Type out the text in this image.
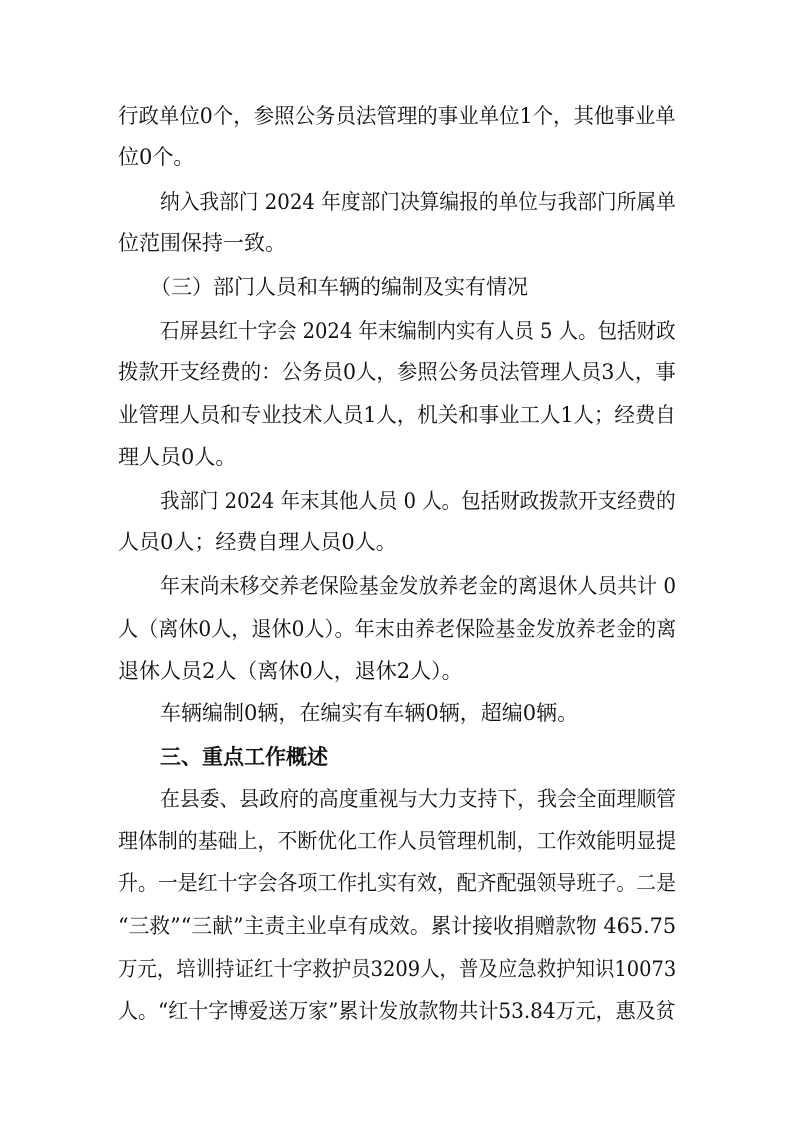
行政单位0个，参照公务员法管理的事业单位1个，其他事业单
位0个。
纳入我部门 2024 年度部门决算编报的单位与我部门所属单
位范围保持一致。
（三）部门人员和车辆的编制及实有情况
石屏县红十字会 2024 年末编制内实有人员 5 人。包括财政
拨款开支经费的：公务员0人，参照公务员法管理人员3人，事
业管理人员和专业技术人员1人，机关和事业工人1人；经费自
理人员0人。
我部门 2024 年末其他人员 0 人。包括财政拨款开支经费的
人员0人；经费自理人员0人。
年末尚未移交养老保险基金发放养老金的离退休人员共计 0
人（离休0人，退休0人）。年末由养老保险基金发放养老金的离
退休人员2人（离休0人，退休2人）。
车辆编制0辆，在编实有车辆0辆，超编0辆。
三、重点工作概述
在县委、县政府的高度重视与大力支持下，我会全面理顺管
理体制的基础上，不断优化工作人员管理机制，工作效能明显提
升。一是红十字会各项工作扎实有效，配齐配强领导班子。二是
“三救”“三献”主责主业卓有成效。累计接收捐赠款物 465.75
万元，培训持证红十字救护员3209人，普及应急救护知识10073
人。“红十字博爱送万家”累计发放款物共计53.84万元，惠及贫
